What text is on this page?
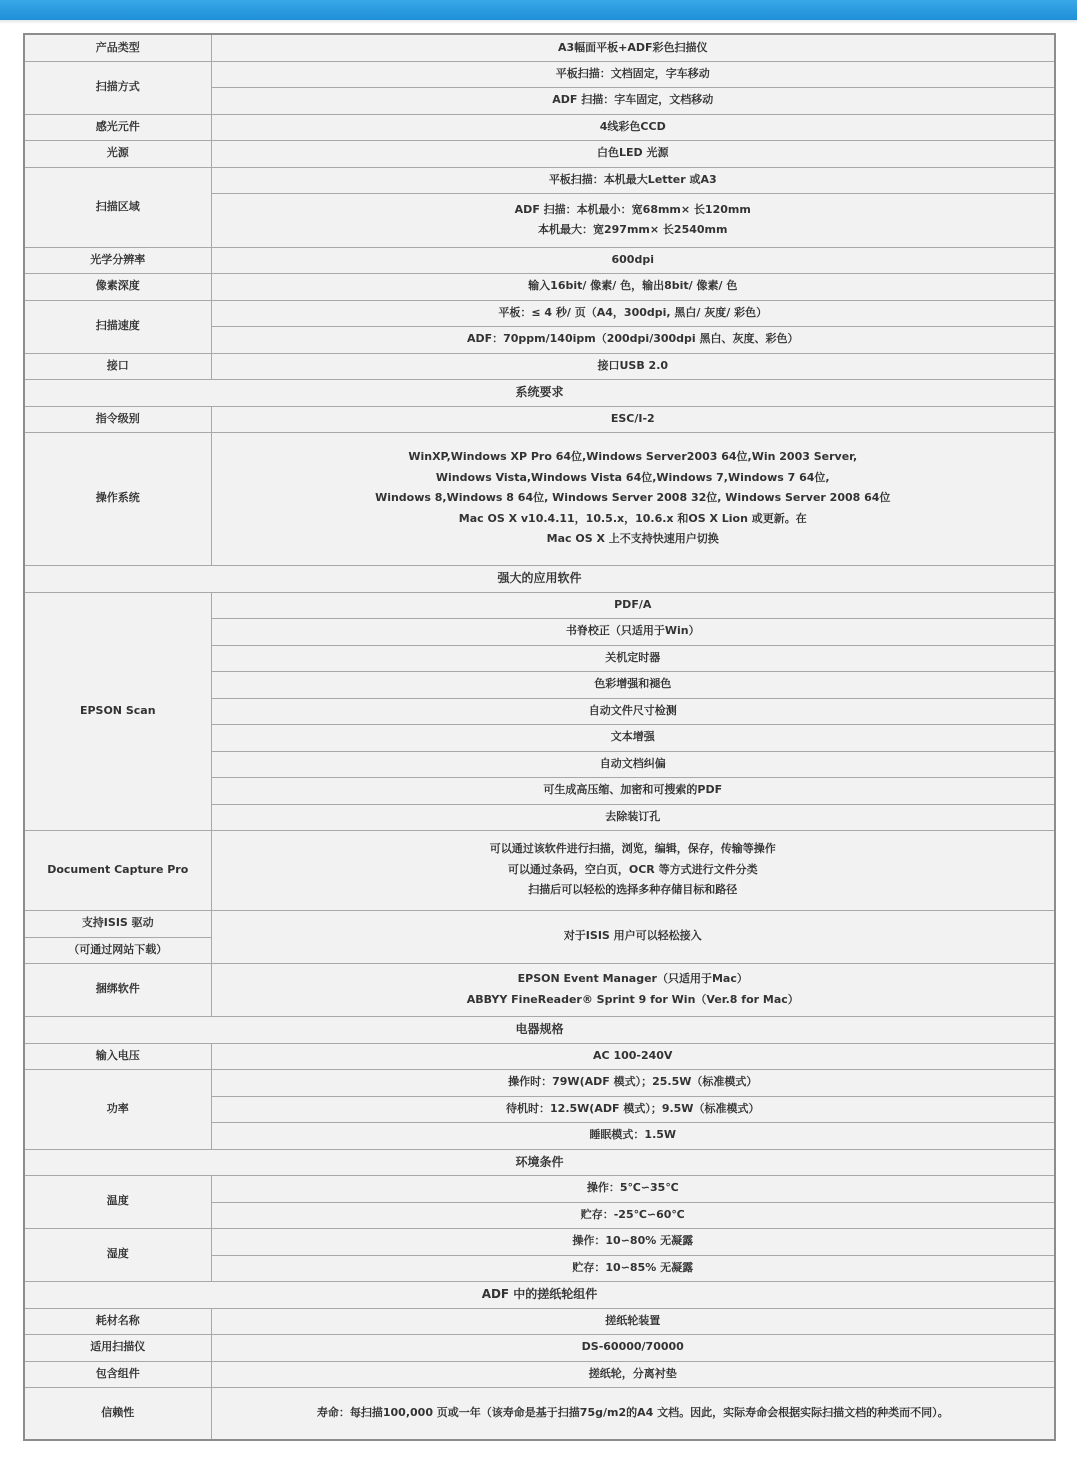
产品类型	A3幅面平板+ADF彩色扫描仪
扫描方式	平板扫描：文档固定，字车移动
	ADF 扫描：字车固定，文档移动
感光元件	4线彩色CCD
光源	白色LED 光源
扫描区域	平板扫描：本机最大Letter 或A3

	ADF 扫描：本机最小：宽68mm× 长120mm
本机最大：宽297mm× 长2540mm

光学分辨率	600dpi
像素深度	输入16bit/ 像素/ 色，输出8bit/ 像素/ 色
扫描速度	平板：≤ 4 秒/ 页（A4，300dpi, 黑白/ 灰度/ 彩色）
	ADF：70ppm/140ipm（200dpi/300dpi 黑白、灰度、彩色）
接口	接口USB 2.0
系统要求	
指令级别	ESC/I-2
操作系统	WinXP,Windows XP Pro 64位,Windows Server2003 64位,Win 2003 Server,
Windows Vista,Windows Vista 64位,Windows 7,Windows 7 64位,
Windows 8,Windows 8 64位, Windows Server 2008 32位, Windows Server 2008 64位
Mac OS X v10.4.11，10.5.x，10.6.x 和OS X Lion 或更新。在
Mac OS X 上不支持快速用户切换

强大的应用软件	
EPSON Scan	PDF/A
	书脊校正（只适用于Win）
	关机定时器
	色彩增强和褪色
	自动文件尺寸检测
	文本增强
	自动文档纠偏
	可生成高压缩、加密和可搜索的PDF
	去除装订孔
Document Capture Pro	可以通过该软件进行扫描，浏览，编辑，保存，传输等操作
可以通过条码，空白页，OCR 等方式进行文件分类
扫描后可以轻松的选择多种存储目标和路径

支持ISIS 驱动	对于ISIS 用户可以轻松接入
（可通过网站下载）	
捆绑软件	EPSON Event Manager（只适用于Mac）
ABBYY FineReader® Sprint 9 for Win（Ver.8 for Mac）

电器规格	
输入电压	AC 100-240V
功率	操作时：79W(ADF 模式）；25.5W（标准模式）
	待机时：12.5W(ADF 模式）；9.5W（标准模式）
	睡眠模式：1.5W
环境条件	
温度	操作：5℃∽35℃
	贮存：-25℃∽60℃
湿度	操作：10∽80% 无凝露
	贮存：10∽85% 无凝露
ADF 中的搓纸轮组件	
耗材名称	搓纸轮装置
适用扫描仪	DS-60000/70000
包含组件	搓纸轮，分离衬垫
信赖性	寿命：每扫描100,000 页或一年（该寿命是基于扫描75g/m2的A4 文档。因此，实际寿命会根据实际扫描文档的种类而不同）。
